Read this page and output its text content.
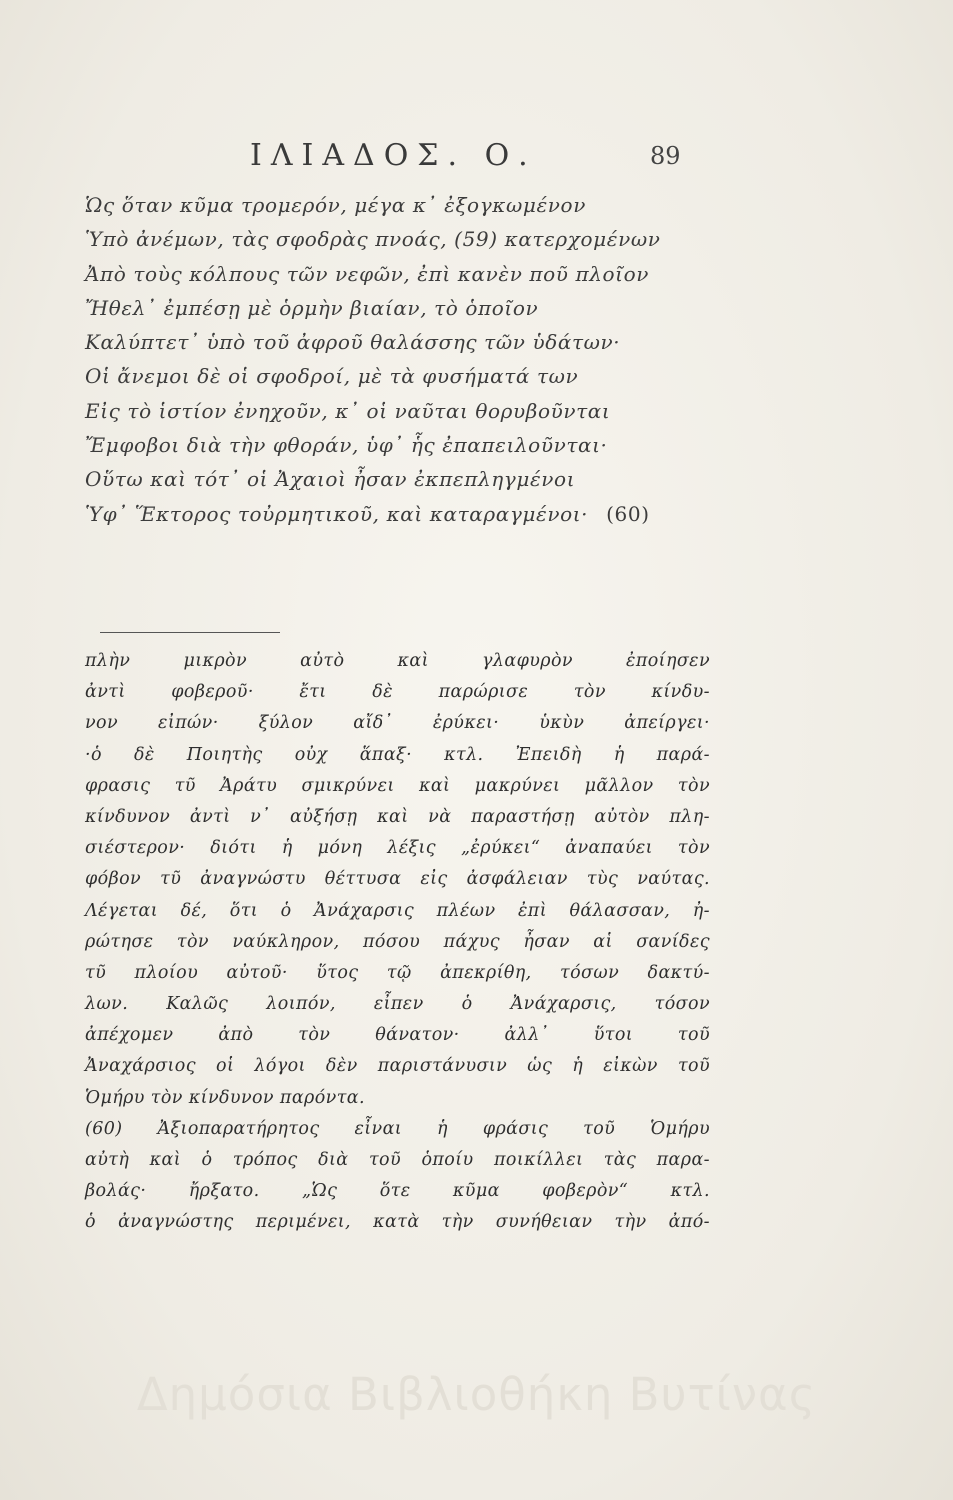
ΙΛΙΑΔΟΣ. Ο.	89
Ὡς ὅταν κῦμα τρομερόν, μέγα κ᾽ ἐξογκωμένον
Ὑπὸ ἀνέμων, τὰς σφοδρὰς πνοάς, (59) κατερχομένων
Ἀπὸ τοὺς κόλπους τῶν νεφῶν, ἐπὶ κανὲν ποῦ πλοῖον
Ἤθελ᾽ ἐμπέσῃ μὲ ὁρμὴν βιαίαν, τὸ ὁποῖον
Καλύπτετ᾽ ὑπὸ τοῦ ἀφροῦ θαλάσσης τῶν ὑδάτων·
Οἱ ἄνεμοι δὲ οἱ σφοδροί, μὲ τὰ φυσήματά των
Εἰς τὸ ἱστίον ἐνηχοῦν, κ᾽ οἱ ναῦται θορυβοῦνται
Ἔμφοβοι διὰ τὴν φθοράν, ὑφ᾽ ἧς ἐπαπειλοῦνται·
Οὕτω καὶ τότ᾽ οἱ Ἀχαιοὶ ἦσαν ἐκπεπληγμένοι
Ὑφ᾽ Ἕκτορος τοὐρμητικοῦ, καὶ καταραγμένοι· (60)
πλὴν μικρὸν αὐτὸ καὶ γλαφυρὸν ἐποίησεν
ἀντὶ φοβεροῦ· ἔτι δὲ παρώρισε τὸν κίνδυ-
νον εἰπών· ξύλον αἴδ᾽ ἐρύκει· ὑκὺν ἀπείργει·
·ὁ δὲ Ποιητὴς οὐχ ἅπαξ· κτλ. Ἐπειδὴ ἡ παρά-
φρασις τῦ Ἀράτυ σμικρύνει καὶ μακρύνει μᾶλλον τὸν
κίνδυνον ἀντὶ ν᾽ αὐξήσῃ καὶ νὰ παραστήσῃ αὐτὸν πλη-
σιέστερον· διότι ἡ μόνη λέξις „ἐρύκει“ ἀναπαύει τὸν
φόβον τῦ ἀναγνώστυ θέττυσα εἰς ἀσφάλειαν τὺς ναύτας.
Λέγεται δέ, ὅτι ὁ Ἀνάχαρσις πλέων ἐπὶ θάλασσαν, ἠ-
ρώτησε τὸν ναύκληρον, πόσου πάχυς ἦσαν αἱ σανίδες
τῦ πλοίου αὐτοῦ· ὕτος τῷ ἀπεκρίθη, τόσων δακτύ-
λων. Καλῶς λοιπόν, εἶπεν ὁ Ἀνάχαρσις, τόσον
ἀπέχομεν ἀπὸ τὸν θάνατον· ἀλλ᾽ ὕτοι τοῦ
Ἀναχάρσιος οἱ λόγοι δὲν παριστάνυσιν ὡς ἡ εἰκὼν τοῦ
Ὁμήρυ τὸν κίνδυνον παρόντα.
(60) Ἀξιοπαρατήρητος εἶναι ἡ φράσις τοῦ Ὁμήρυ
αὐτὴ καὶ ὁ τρόπος διὰ τοῦ ὁποίυ ποικίλλει τὰς παρα-
βολάς· ἤρξατο. „Ὡς ὅτε κῦμα φοβερὸν“ κτλ.
ὁ ἀναγνώστης περιμένει, κατὰ τὴν συνήθειαν τὴν ἀπό-
Δημόσια Βιβλιοθήκη Βυτίνας
